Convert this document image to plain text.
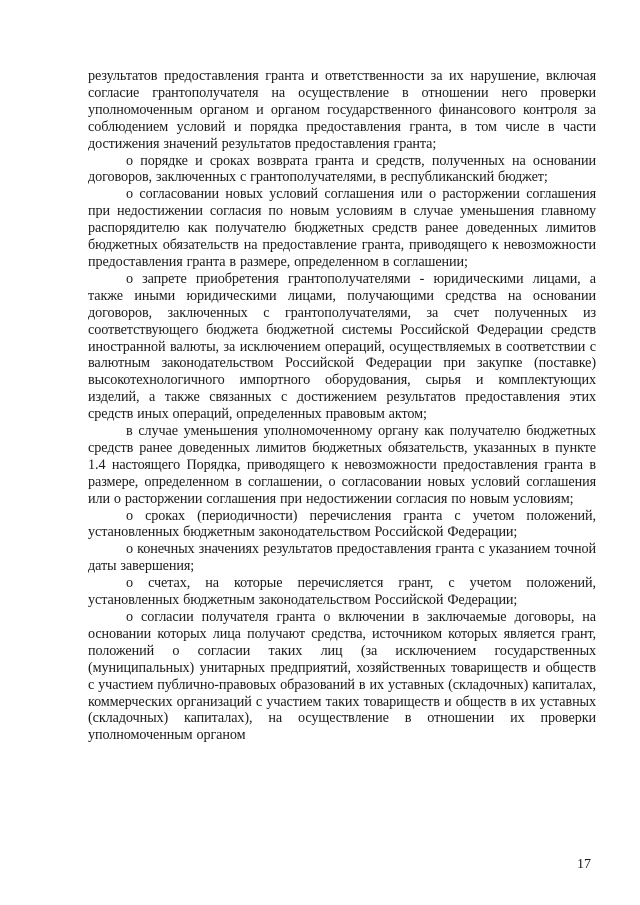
результатов предоставления гранта и ответственности за их нарушение, включая согласие грантополучателя на осуществление в отношении него проверки уполномоченным органом и органом государственного финансового контроля за соблюдением условий и порядка предоставления гранта, в том числе в части достижения значений результатов предоставления гранта;

о порядке и сроках возврата гранта и средств, полученных на основании договоров, заключенных с грантополучателями, в республиканский бюджет;

о согласовании новых условий соглашения или о расторжении соглашения при недостижении согласия по новым условиям в случае уменьшения главному распорядителю как получателю бюджетных средств ранее доведенных лимитов бюджетных обязательств на предоставление гранта, приводящего к невозможности предоставления гранта в размере, определенном в соглашении;

о запрете приобретения грантополучателями - юридическими лицами, а также иными юридическими лицами, получающими средства на основании договоров, заключенных с грантополучателями, за счет полученных из соответствующего бюджета бюджетной системы Российской Федерации средств иностранной валюты, за исключением операций, осуществляемых в соответствии с валютным законодательством Российской Федерации при закупке (поставке) высокотехнологичного импортного оборудования, сырья и комплектующих изделий, а также связанных с достижением результатов предоставления этих средств иных операций, определенных правовым актом;

в случае уменьшения уполномоченному органу как получателю бюджетных средств ранее доведенных лимитов бюджетных обязательств, указанных в пункте 1.4 настоящего Порядка, приводящего к невозможности предоставления гранта в размере, определенном в соглашении, о согласовании новых условий соглашения или о расторжении соглашения при недостижении согласия по новым условиям;

о сроках (периодичности) перечисления гранта с учетом положений, установленных бюджетным законодательством Российской Федерации;

о конечных значениях результатов предоставления гранта с указанием точной даты завершения;

о счетах, на которые перечисляется грант, с учетом положений, установленных бюджетным законодательством Российской Федерации;

о согласии получателя гранта о включении в заключаемые договоры, на основании которых лица получают средства, источником которых является грант, положений о согласии таких лиц (за исключением государственных (муниципальных) унитарных предприятий, хозяйственных товариществ и обществ с участием публично-правовых образований в их уставных (складочных) капиталах, коммерческих организаций с участием таких товариществ и обществ в их уставных (складочных) капиталах), на осуществление в отношении их проверки уполномоченным органом

17
